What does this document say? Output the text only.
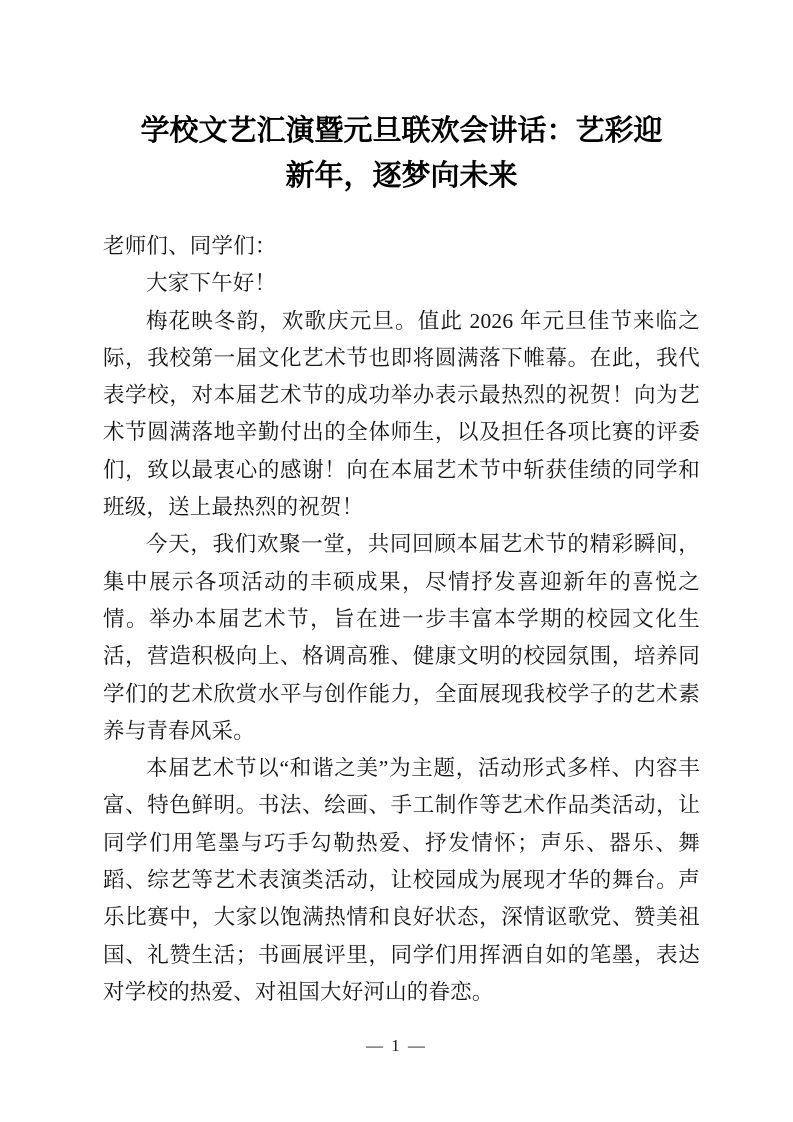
学校文艺汇演暨元旦联欢会讲话：艺彩迎
新年，逐梦向未来

老师们、同学们：

大家下午好！

梅花映冬韵，欢歌庆元旦。值此 2026 年元旦佳节来临之际，我校第一届文化艺术节也即将圆满落下帷幕。在此，我代表学校，对本届艺术节的成功举办表示最热烈的祝贺！向为艺术节圆满落地辛勤付出的全体师生，以及担任各项比赛的评委们，致以最衷心的感谢！向在本届艺术节中斩获佳绩的同学和班级，送上最热烈的祝贺！

今天，我们欢聚一堂，共同回顾本届艺术节的精彩瞬间，集中展示各项活动的丰硕成果，尽情抒发喜迎新年的喜悦之情。举办本届艺术节，旨在进一步丰富本学期的校园文化生活，营造积极向上、格调高雅、健康文明的校园氛围，培养同学们的艺术欣赏水平与创作能力，全面展现我校学子的艺术素养与青春风采。

本届艺术节以“和谐之美”为主题，活动形式多样、内容丰富、特色鲜明。书法、绘画、手工制作等艺术作品类活动，让同学们用笔墨与巧手勾勒热爱、抒发情怀；声乐、器乐、舞蹈、综艺等艺术表演类活动，让校园成为展现才华的舞台。声乐比赛中，大家以饱满热情和良好状态，深情讴歌党、赞美祖国、礼赞生活；书画展评里，同学们用挥洒自如的笔墨，表达对学校的热爱、对祖国大好河山的眷恋。

— 1 —
